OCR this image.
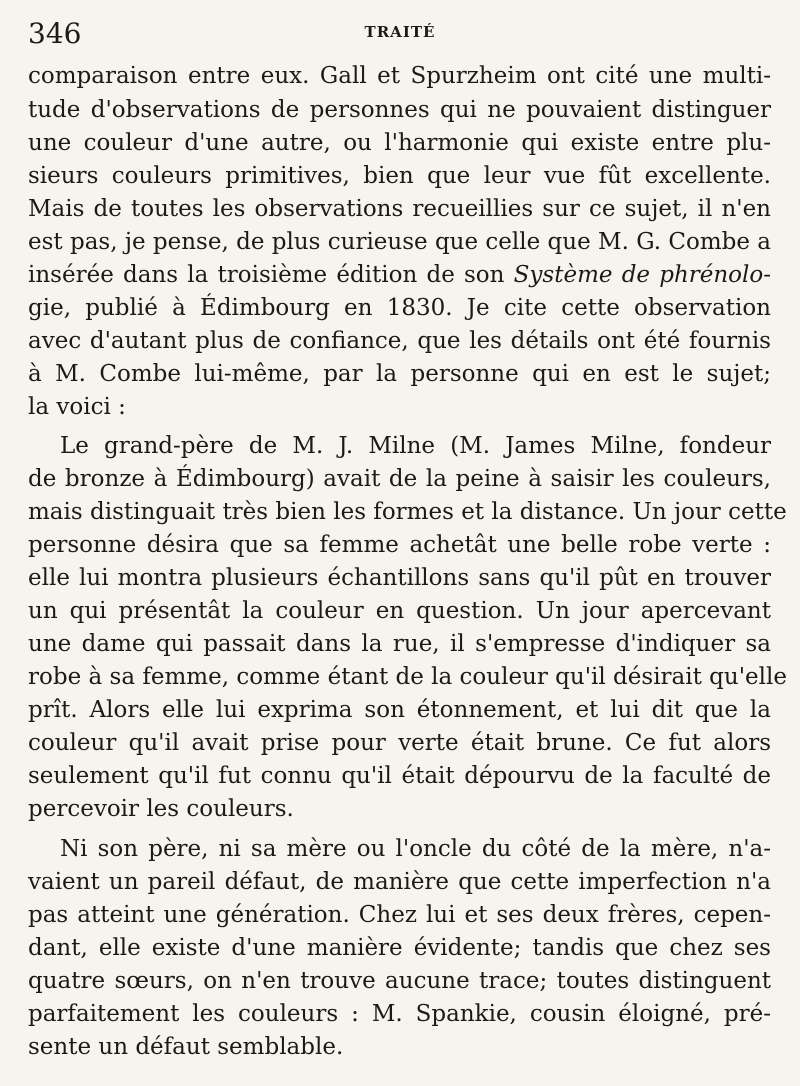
346	TRAITÉ
comparaison entre eux. Gall et Spurzheim ont cité une multi-
tude d'observations de personnes qui ne pouvaient distinguer
une couleur d'une autre, ou l'harmonie qui existe entre plu-
sieurs couleurs primitives, bien que leur vue fût excellente.
Mais de toutes les observations recueillies sur ce sujet, il n'en
est pas, je pense, de plus curieuse que celle que M. G. Combe a
insérée dans la troisième édition de son Système de phrénolo-
gie, publié à Édimbourg en 1830. Je cite cette observation
avec d'autant plus de confiance, que les détails ont été fournis
à M. Combe lui-même, par la personne qui en est le sujet;
la voici :
Le grand-père de M. J. Milne (M. James Milne, fondeur
de bronze à Édimbourg) avait de la peine à saisir les couleurs,
mais distinguait très bien les formes et la distance. Un jour cette
personne désira que sa femme achetât une belle robe verte :
elle lui montra plusieurs échantillons sans qu'il pût en trouver
un qui présentât la couleur en question. Un jour apercevant
une dame qui passait dans la rue, il s'empresse d'indiquer sa
robe à sa femme, comme étant de la couleur qu'il désirait qu'elle
prît. Alors elle lui exprima son étonnement, et lui dit que la
couleur qu'il avait prise pour verte était brune. Ce fut alors
seulement qu'il fut connu qu'il était dépourvu de la faculté de
percevoir les couleurs.
Ni son père, ni sa mère ou l'oncle du côté de la mère, n'a-
vaient un pareil défaut, de manière que cette imperfection n'a
pas atteint une génération. Chez lui et ses deux frères, cepen-
dant, elle existe d'une manière évidente; tandis que chez ses
quatre sœurs, on n'en trouve aucune trace; toutes distinguent
parfaitement les couleurs : M. Spankie, cousin éloigné, pré-
sente un défaut semblable.
